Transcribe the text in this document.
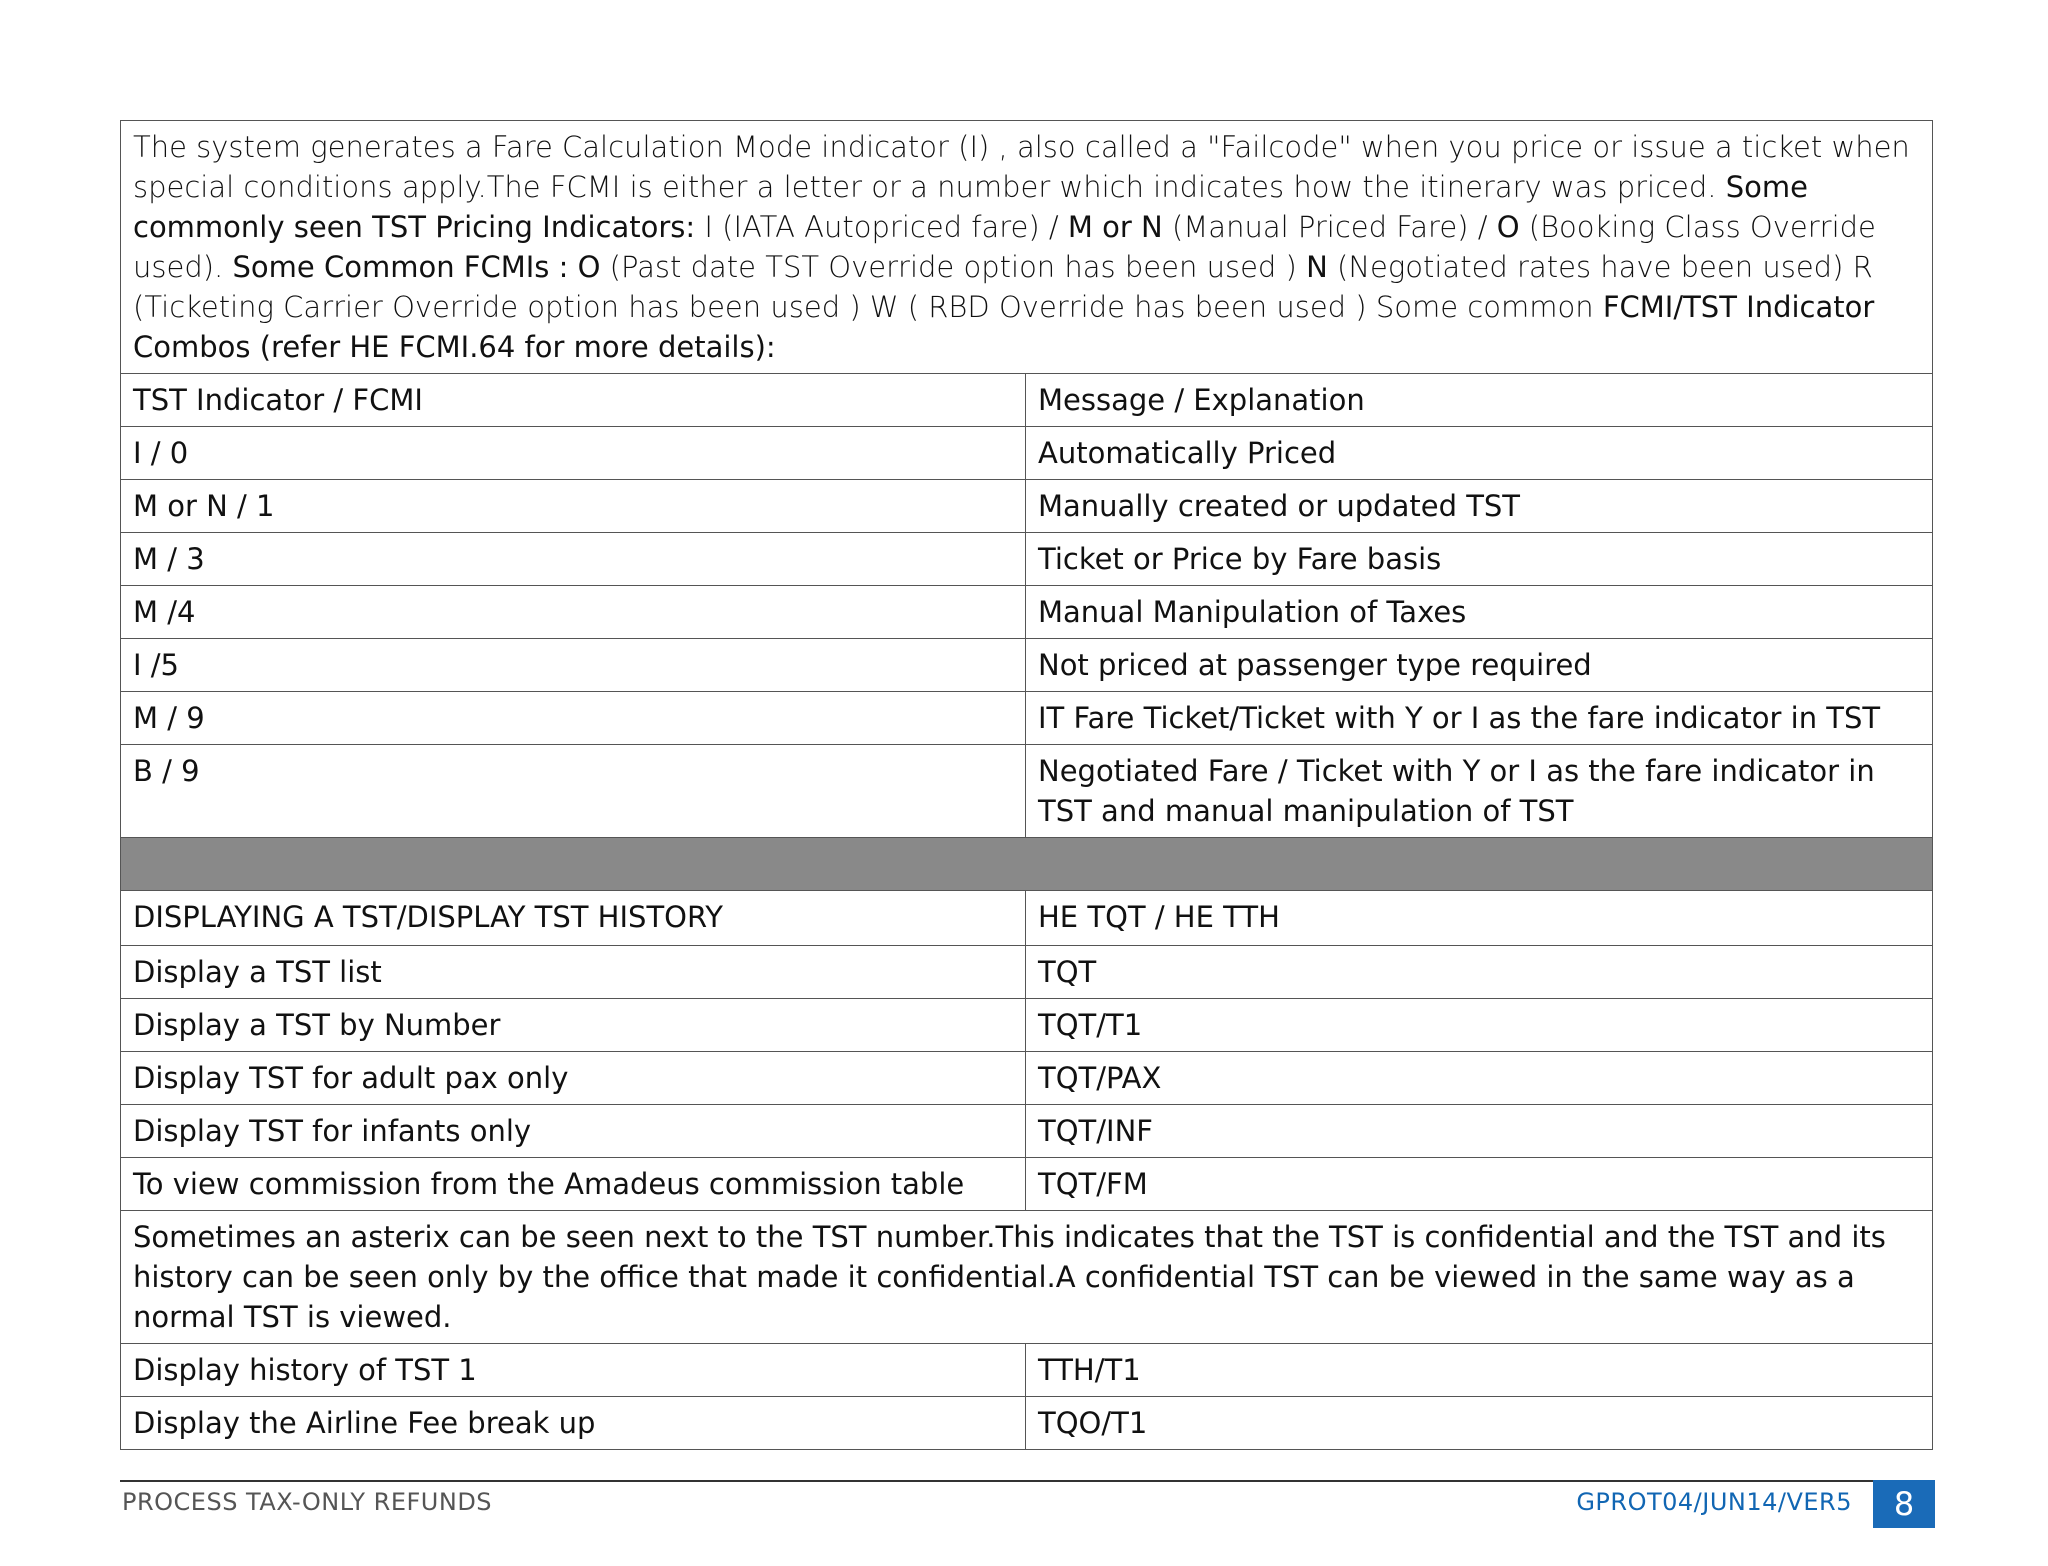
The system generates a Fare Calculation Mode indicator (I) , also called a "Failcode" when you price or issue a ticket when special conditions apply.The FCMI is either a letter or a number which indicates how the itinerary was priced. Some commonly seen TST Pricing Indicators: I (IATA Autopriced fare) / M or N (Manual Priced Fare) / O (Booking Class Override used). Some Common FCMIs : O (Past date TST Override option has been used ) N (Negotiated rates have been used) R (Ticketing Carrier Override option has been used ) W ( RBD Override has been used ) Some common FCMI/TST Indicator Combos (refer HE FCMI.64 for more details):	
TST Indicator / FCMI	Message / Explanation
I / 0	Automatically Priced
M or N / 1	Manually created or updated TST
M / 3	Ticket or Price by Fare basis
M /4	Manual Manipulation of Taxes
I /5	Not priced at passenger type required
M / 9	IT Fare Ticket/Ticket with Y or I as the fare indicator in TST
B / 9	Negotiated Fare / Ticket with Y or I as the fare indicator in TST and manual manipulation of TST

DISPLAYING A TST/DISPLAY TST HISTORY	HE TQT / HE TTH
Display a TST list	TQT
Display a TST by Number	TQT/T1
Display TST for adult pax only	TQT/PAX
Display TST for infants only	TQT/INF
To view commission from the Amadeus commission table	TQT/FM
Sometimes an asterix can be seen next to the TST number.This indicates that the TST is confidential and the TST and its history can be seen only by the office that made it confidential.A confidential TST can be viewed in the same way as a normal TST is viewed.	
Display history of TST 1	TTH/T1
Display the Airline Fee break up	TQO/T1
PROCESS TAX-ONLY REFUNDS	GPROT04/JUN14/VER5	8
